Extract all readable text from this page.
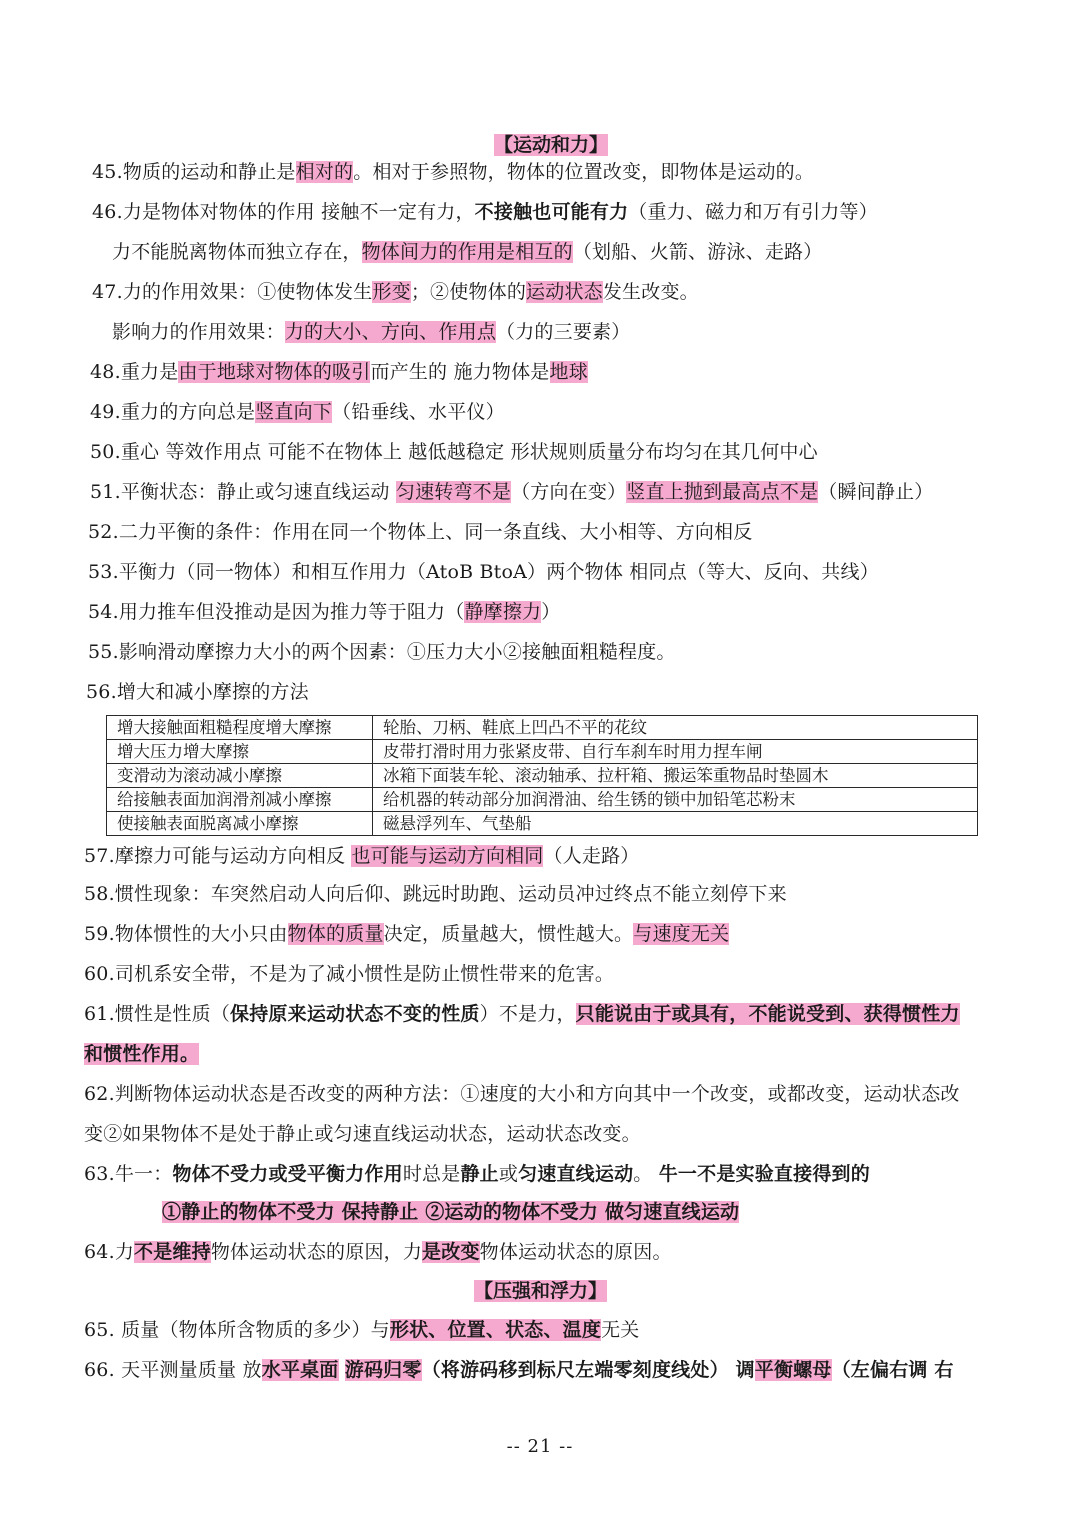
【运动和力】
45.物质的运动和静止是相对的。相对于参照物，物体的位置改变，即物体是运动的。
46.力是物体对物体的作用 接触不一定有力，不接触也可能有力（重力、磁力和万有引力等）
力不能脱离物体而独立存在，物体间力的作用是相互的（划船、火箭、游泳、走路）
47.力的作用效果：①使物体发生形变；②使物体的运动状态发生改变。
影响力的作用效果：力的大小、方向、作用点（力的三要素）
48.重力是由于地球对物体的吸引而产生的 施力物体是地球
49.重力的方向总是竖直向下（铅垂线、水平仪）
50.重心 等效作用点 可能不在物体上 越低越稳定 形状规则质量分布均匀在其几何中心
51.平衡状态：静止或匀速直线运动 匀速转弯不是（方向在变）竖直上抛到最高点不是（瞬间静止）
52.二力平衡的条件：作用在同一个物体上、同一条直线、大小相等、方向相反
53.平衡力（同一物体）和相互作用力（AtoB BtoA）两个物体 相同点（等大、反向、共线）
54.用力推车但没推动是因为推力等于阻力（静摩擦力）
55.影响滑动摩擦力大小的两个因素：①压力大小②接触面粗糙程度。
56.增大和减小摩擦的方法
增大接触面粗糙程度增大摩擦	轮胎、刀柄、鞋底上凹凸不平的花纹
增大压力增大摩擦	皮带打滑时用力张紧皮带、自行车刹车时用力捏车闸
变滑动为滚动减小摩擦	冰箱下面装车轮、滚动轴承、拉杆箱、搬运笨重物品时垫圆木
给接触表面加润滑剂减小摩擦	给机器的转动部分加润滑油、给生锈的锁中加铅笔芯粉末
使接触表面脱离减小摩擦	磁悬浮列车、气垫船
57.摩擦力可能与运动方向相反 也可能与运动方向相同（人走路）
58.惯性现象：车突然启动人向后仰、跳远时助跑、运动员冲过终点不能立刻停下来
59.物体惯性的大小只由物体的质量决定，质量越大，惯性越大。与速度无关
60.司机系安全带，不是为了减小惯性是防止惯性带来的危害。
61.惯性是性质（保持原来运动状态不变的性质）不是力，只能说由于或具有，不能说受到、获得惯性力
和惯性作用。
62.判断物体运动状态是否改变的两种方法：①速度的大小和方向其中一个改变，或都改变，运动状态改
变②如果物体不是处于静止或匀速直线运动状态，运动状态改变。
63.牛一：物体不受力或受平衡力作用时总是静止或匀速直线运动。 牛一不是实验直接得到的
①静止的物体不受力 保持静止 ②运动的物体不受力 做匀速直线运动
64.力不是维持物体运动状态的原因，力是改变物体运动状态的原因。
【压强和浮力】
65. 质量（物体所含物质的多少）与形状、位置、状态、温度无关
66. 天平测量质量 放水平桌面 游码归零（将游码移到标尺左端零刻度线处） 调平衡螺母（左偏右调 右
-- 21 --
